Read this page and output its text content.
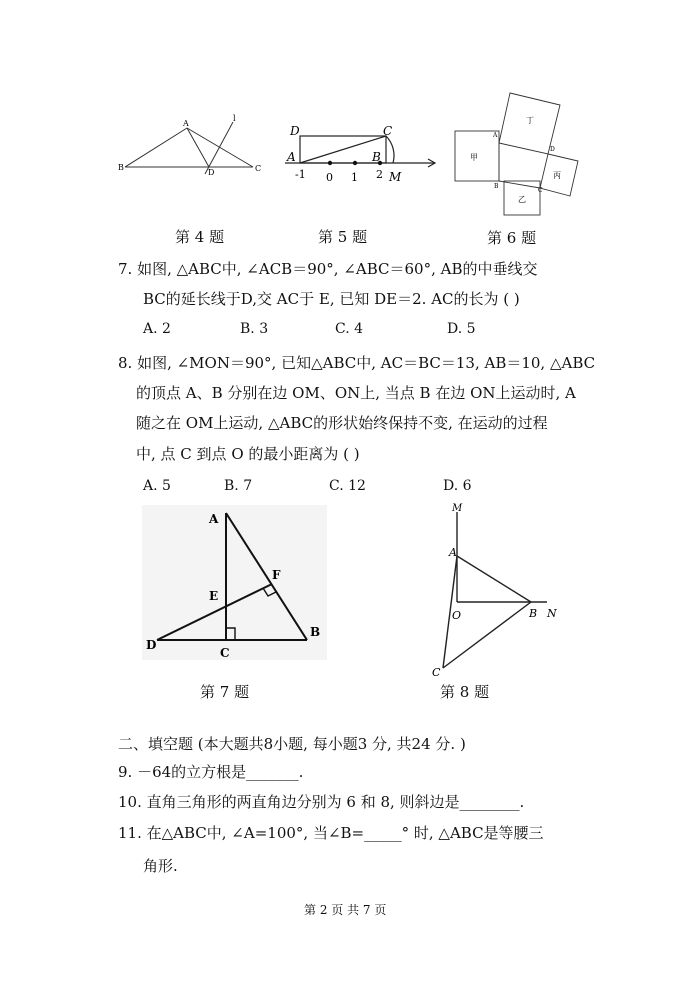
A
B	C
D
l
第 4 题
D	C
A	B
M
-1 0 1 2
第 5 题
丁
甲
丙
乙
A
B
C
D
第 6 题
7. 如图, △ABC中, ∠ACB＝90°, ∠ABC＝60°, AB的中垂线交
BC的延长线于D,交 AC于 E, 已知 DE＝2. AC的长为 ( )
A. 2	B. 3	C. 4	D. 5
8. 如图, ∠MON＝90°, 已知△ABC中, AC＝BC＝13, AB＝10, △ABC
的顶点 A、B 分别在边 OM、ON上, 当点 B 在边 ON上运动时, A
随之在 OM上运动, △ABC的形状始终保持不变, 在运动的过程
中, 点 C 到点 O 的最小距离为 ( )
A. 5	B. 7	C. 12	D. 6
A
F
E
D
C
B
第 7 题
M
A
O	B N
C
第 8 题
二、填空题 (本大题共8小题, 每小题3 分, 共24 分. )
9. －64的立方根是_______.
10. 直角三角形的两直角边分别为 6 和 8, 则斜边是________.
11. 在△ABC中, ∠A=100°, 当∠B=_____° 时, △ABC是等腰三
角形.
第 2 页 共 7 页
